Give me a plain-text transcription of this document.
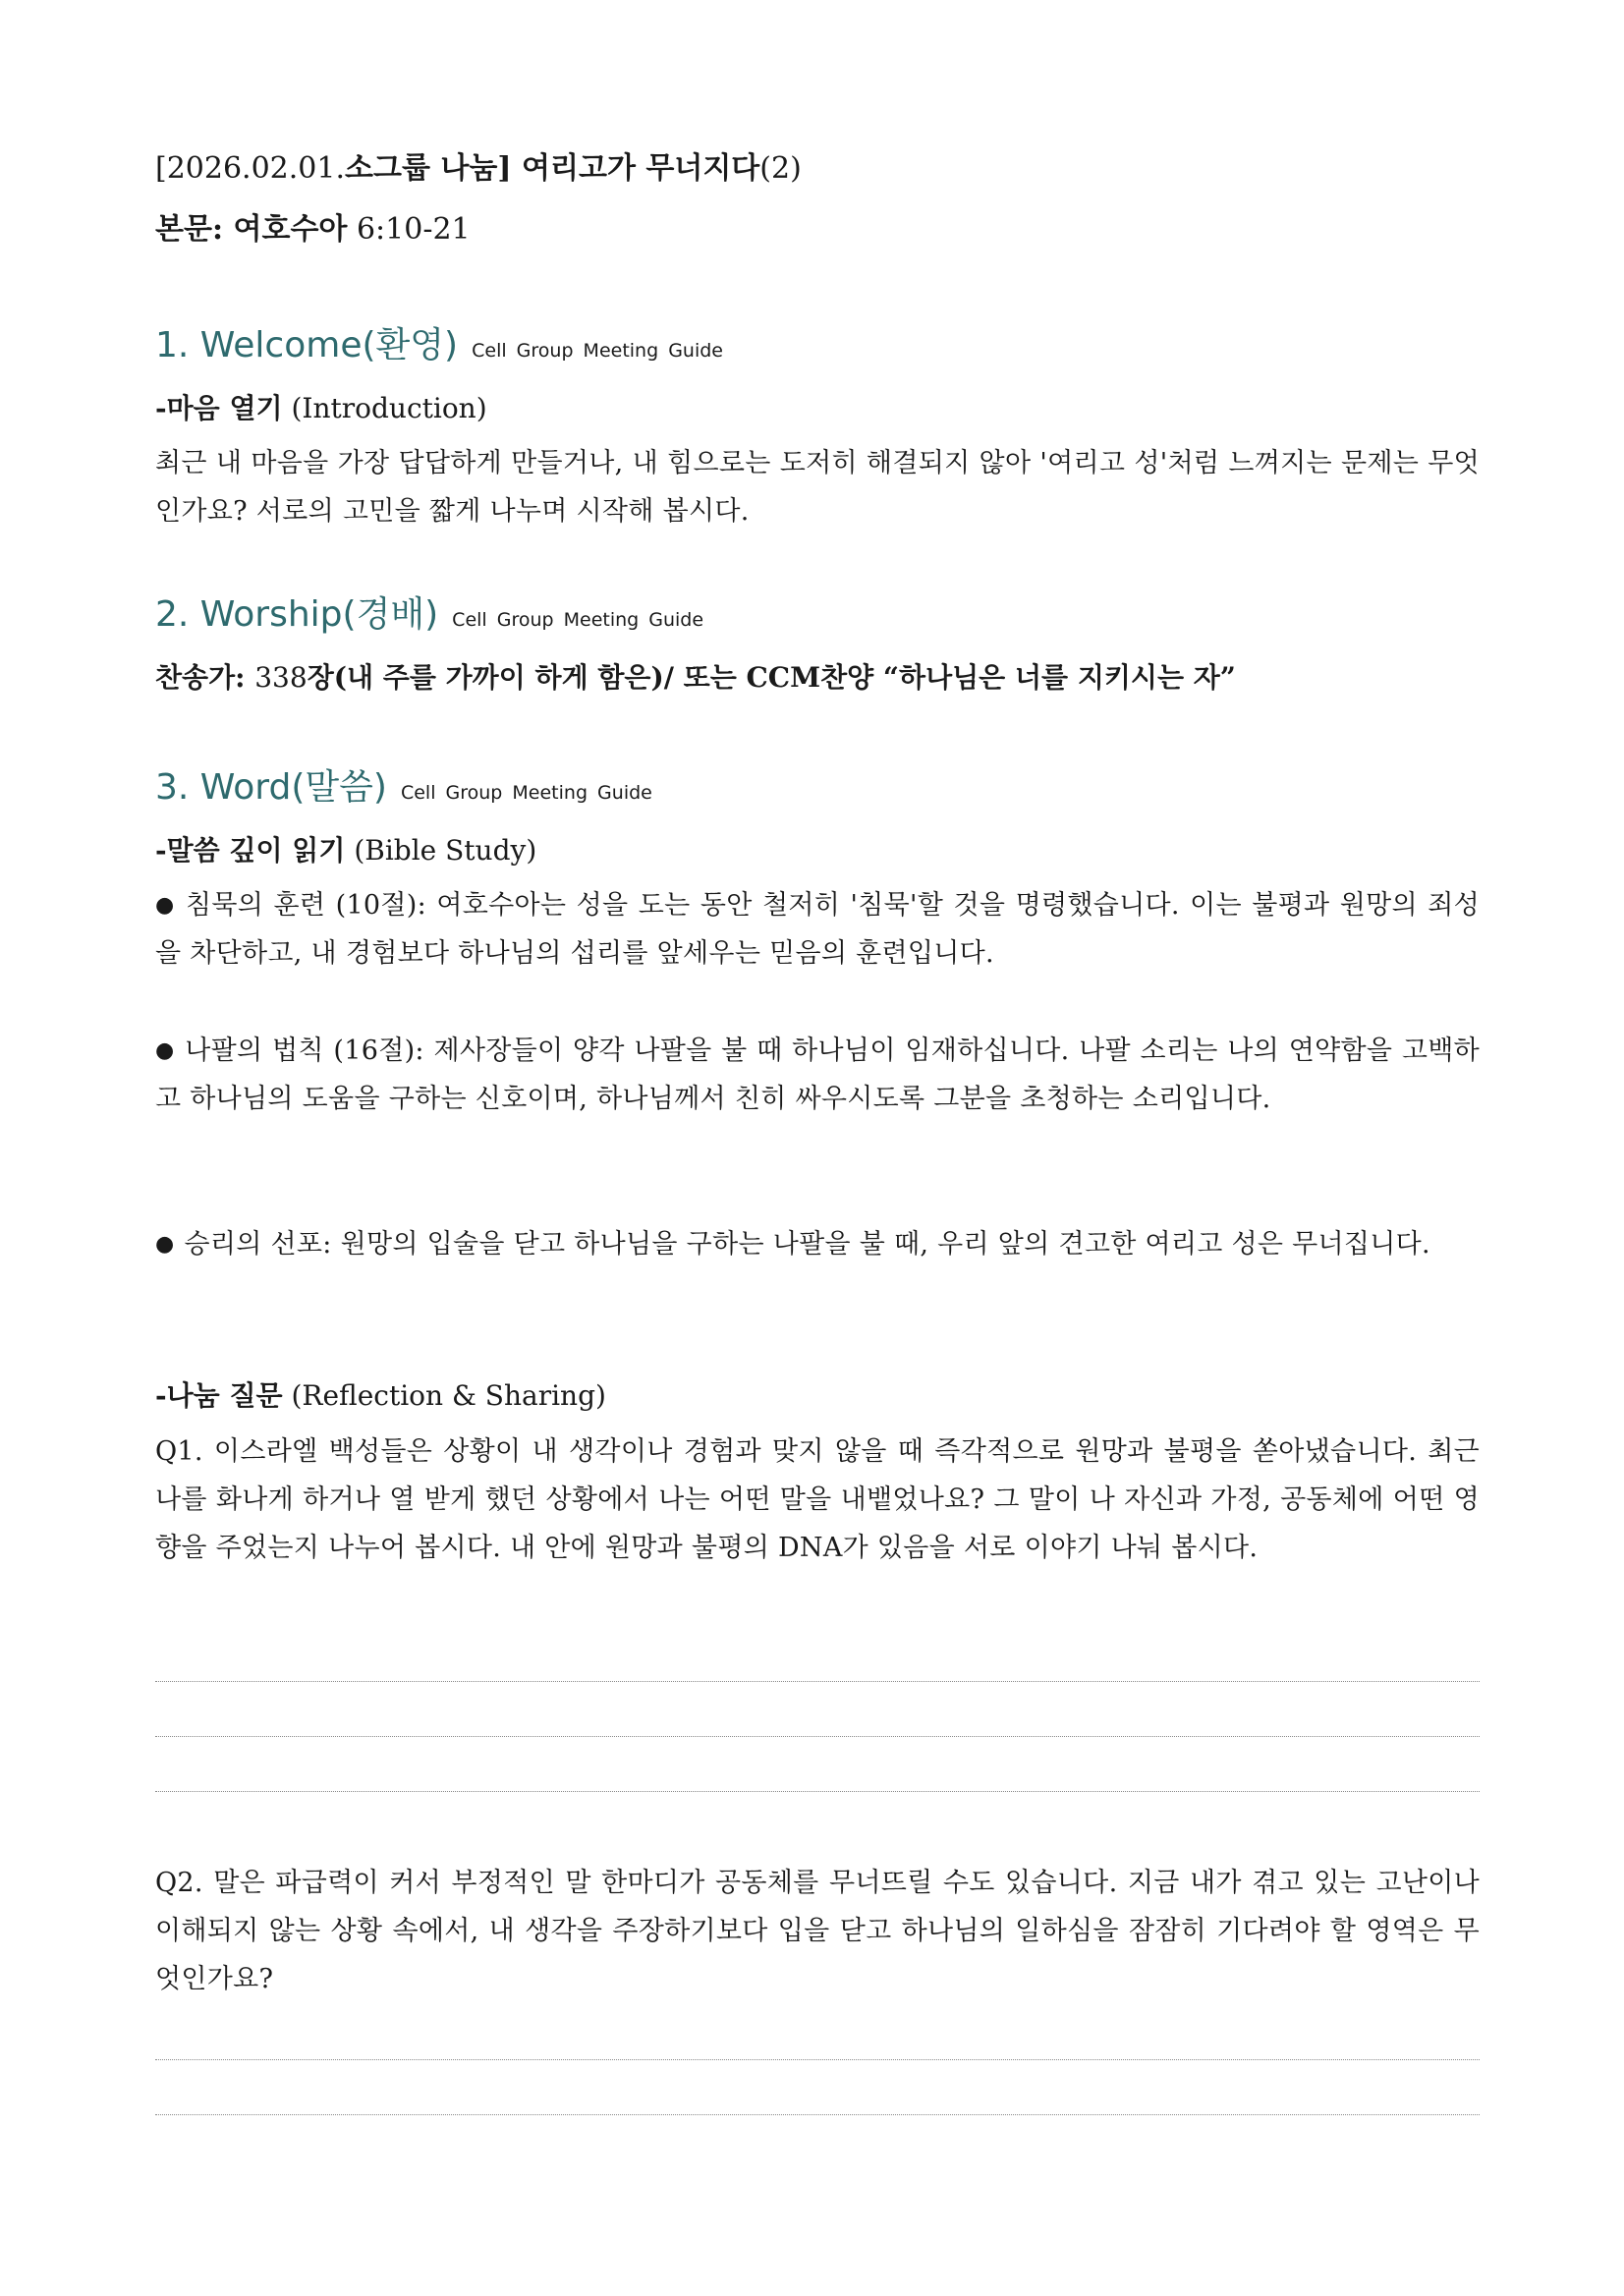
[2026.02.01.소그룹 나눔] 여리고가 무너지다(2)
본문: 여호수아 6:10-21
1. Welcome(환영) Cell Group Meeting Guide
-마음 열기 (Introduction)
최근 내 마음을 가장 답답하게 만들거나, 내 힘으로는 도저히 해결되지 않아 '여리고 성'처럼 느껴지는 문제는 무엇인가요? 서로의 고민을 짧게 나누며 시작해 봅시다.
2. Worship(경배) Cell Group Meeting Guide
찬송가: 338장(내 주를 가까이 하게 함은)/ 또는 CCM찬양 “하나님은 너를 지키시는 자”
3. Word(말씀) Cell Group Meeting Guide
-말씀 깊이 읽기 (Bible Study)
● 침묵의 훈련 (10절): 여호수아는 성을 도는 동안 철저히 '침묵'할 것을 명령했습니다. 이는 불평과 원망의 죄성을 차단하고, 내 경험보다 하나님의 섭리를 앞세우는 믿음의 훈련입니다.
● 나팔의 법칙 (16절): 제사장들이 양각 나팔을 불 때 하나님이 임재하십니다. 나팔 소리는 나의 연약함을 고백하고 하나님의 도움을 구하는 신호이며, 하나님께서 친히 싸우시도록 그분을 초청하는 소리입니다.
● 승리의 선포: 원망의 입술을 닫고 하나님을 구하는 나팔을 불 때, 우리 앞의 견고한 여리고 성은 무너집니다.
-나눔 질문 (Reflection & Sharing)
Q1. 이스라엘 백성들은 상황이 내 생각이나 경험과 맞지 않을 때 즉각적으로 원망과 불평을 쏟아냈습니다. 최근 나를 화나게 하거나 열 받게 했던 상황에서 나는 어떤 말을 내뱉었나요? 그 말이 나 자신과 가정, 공동체에 어떤 영향을 주었는지 나누어 봅시다. 내 안에 원망과 불평의 DNA가 있음을 서로 이야기 나눠 봅시다.
Q2. 말은 파급력이 커서 부정적인 말 한마디가 공동체를 무너뜨릴 수도 있습니다. 지금 내가 겪고 있는 고난이나 이해되지 않는 상황 속에서, 내 생각을 주장하기보다 입을 닫고 하나님의 일하심을 잠잠히 기다려야 할 영역은 무엇인가요?
